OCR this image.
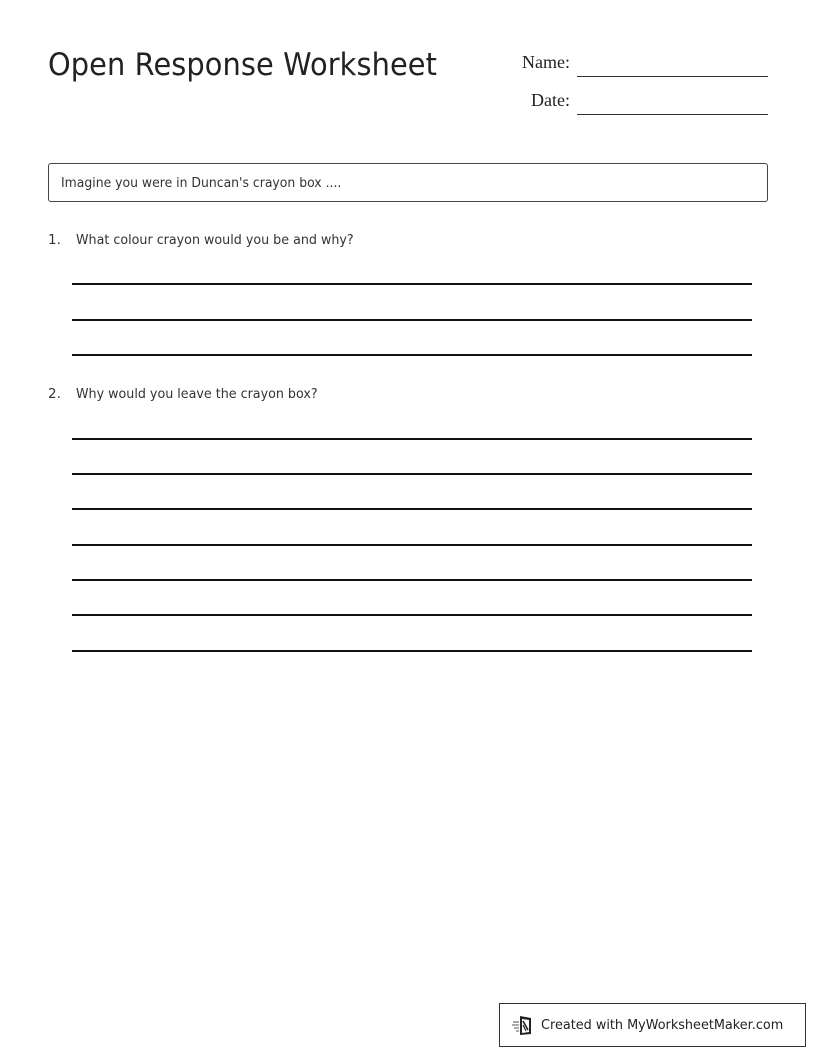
Open Response Worksheet	Name:
Date:
Imagine you were in Duncan's crayon box ....
1. What colour crayon would you be and why?
2. Why would you leave the crayon box?
Created with MyWorksheetMaker.com
